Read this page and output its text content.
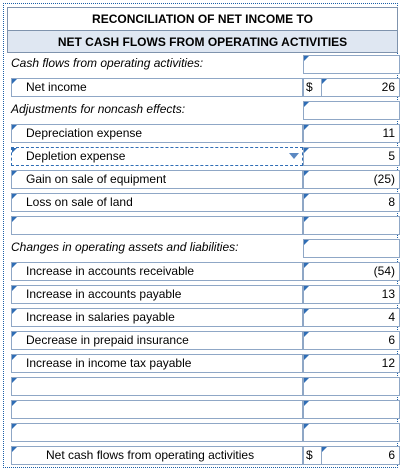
RECONCILIATION OF NET INCOME TO
NET CASH FLOWS FROM OPERATING ACTIVITIES
Cash flows from operating activities:
Net income	$	26
Adjustments for noncash effects:
Depreciation expense	11
Depletion expense	5
Gain on sale of equipment	(25)
Loss on sale of land	8
Changes in operating assets and liabilities:
Increase in accounts receivable	(54)
Increase in accounts payable	13
Increase in salaries payable	4
Decrease in prepaid insurance	6
Increase in income tax payable	12
Net cash flows from operating activities	$	6
